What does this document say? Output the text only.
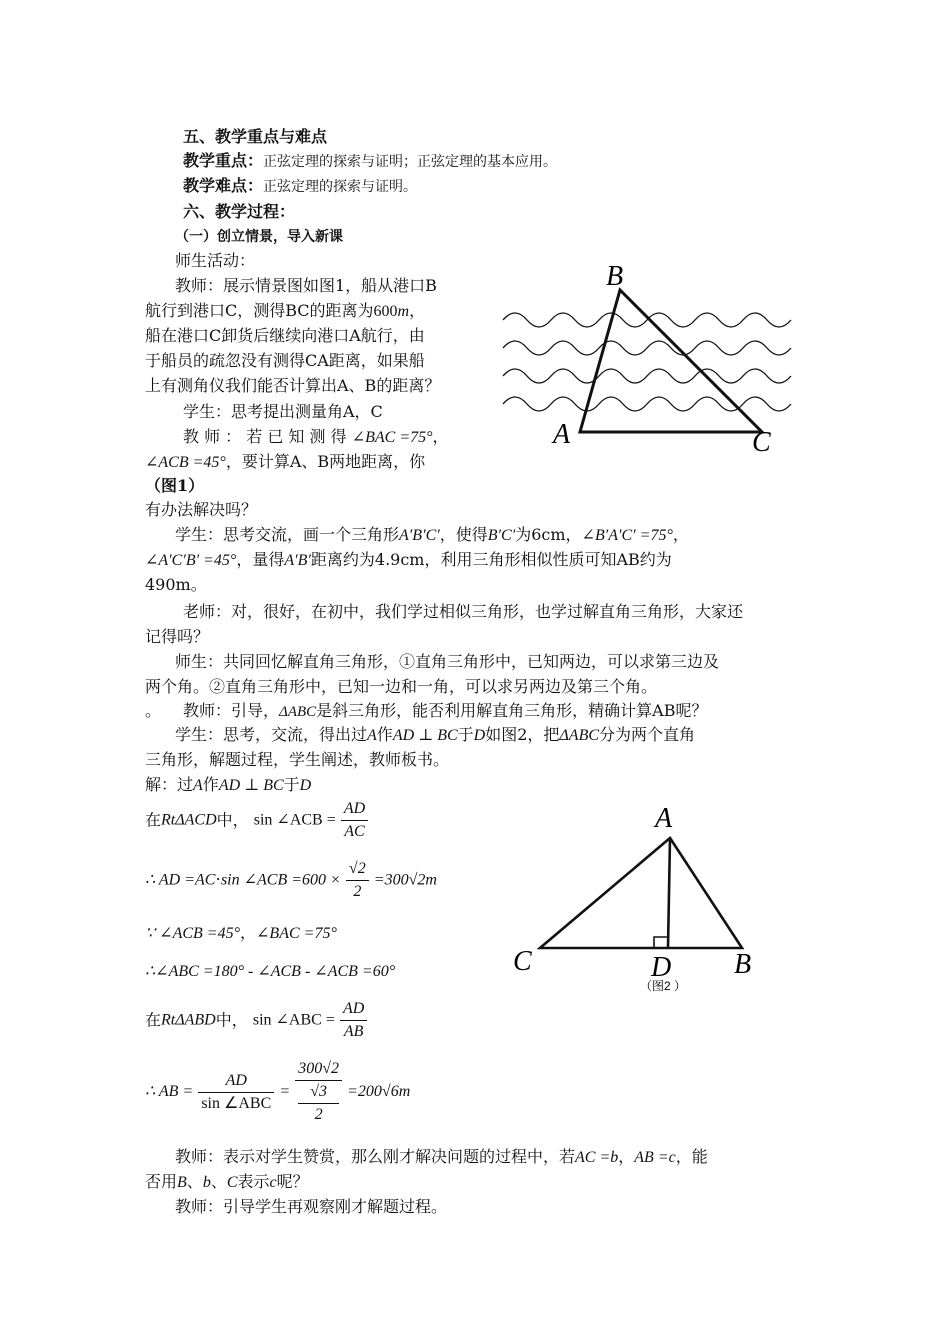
五、教学重点与难点
教学重点：正弦定理的探索与证明；正弦定理的基本应用。
教学难点：正弦定理的探索与证明。
六、教学过程：
（一）创立情景，导入新课
师生活动：
教师：展示情景图如图1，船从港口B
航行到港口C，测得BC的距离为600m，
船在港口C卸货后继续向港口A航行，由
于船员的疏忽没有测得CA距离，如果船
上有测角仪我们能否计算出A、B的距离？
学生：思考提出测量角A，C
教 师 ： 若 已 知 测 得 ∠BAC =75°，
∠ACB =45°，要计算A、B两地距离，你
（图1）
有办法解决吗？
B
A	C
学生：思考交流，画一个三角形A′B′C′，使得B′C′为6cm，∠B′A′C′ =75°，
∠A′C′B′ =45°，量得A′B′距离约为4.9cm，利用三角形相似性质可知AB约为
490m。
老师：对，很好，在初中，我们学过相似三角形，也学过解直角三角形，大家还
记得吗？
师生：共同回忆解直角三角形，①直角三角形中，已知两边，可以求第三边及
两个角。②直角三角形中，已知一边和一角，可以求另两边及第三个角。
。 教师：引导，ΔABC是斜三角形，能否利用解直角三角形，精确计算AB呢？
学生：思考，交流，得出过A作AD ⊥ BC于D如图2，把ΔABC分为两个直角
三角形，解题过程，学生阐述，教师板书。
解：过A作AD ⊥ BC于D
在RtΔACD中， sin ∠ACB = $\frac{AD}{AC}$
∴ AD =AC⋅sin ∠ACB $=600 \times \frac{√2}{2} =300√2m$
∵ ∠ACB =45°，∠BAC =75°
∴∠ABC =180° - ∠ACB - ∠ACB =60°
在RtΔABD中， sin ∠ABC = $\frac{AD}{AB}$
∴ AB = $\frac{AD}{\text{sin ∠ABC}} = 300√2$
√3
2 =200√6m
A
C	D B
（图2 ）
教师：表示对学生赞赏，那么刚才解决问题的过程中，若AC =b，AB =c，能
否用B、b、C表示c呢？
教师：引导学生再观察刚才解题过程。
